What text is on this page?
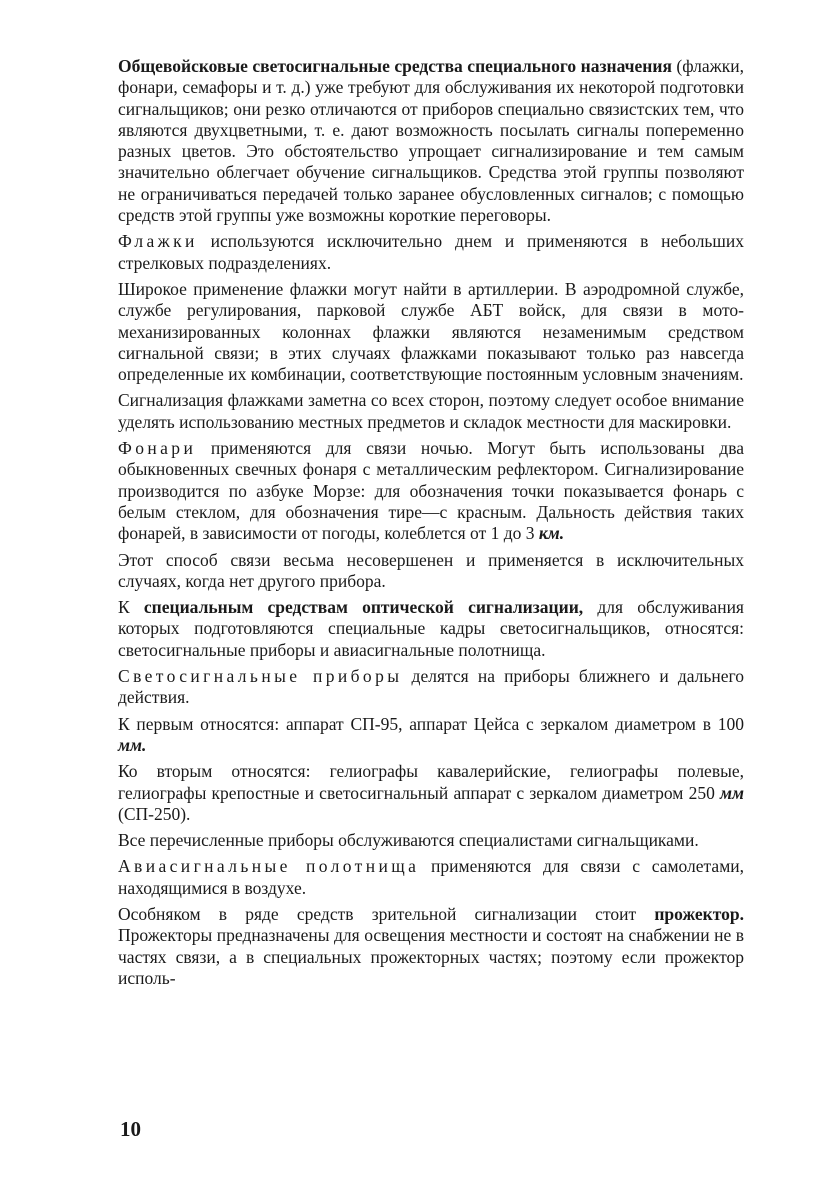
Общевойсковые светосигнальные средства специального назначения (флажки, фонари, семафоры и т. д.) уже требуют для обслуживания их некоторой подготовки сигнальщиков; они резко отличаются от приборов специально связистских тем, что являются двухцветными, т. е. дают возможность посылать сигналы попеременно разных цветов. Это обстоятельство упрощает сигнализирование и тем самым значительно облегчает обучение сигнальщиков. Средства этой группы позволяют не ограничиваться передачей только заранее обусловленных сигналов; с помощью средств этой группы уже возможны короткие переговоры.

Флажки используются исключительно днем и применяются в небольших стрелковых подразделениях.

Широкое применение флажки могут найти в артиллерии. В аэродромной службе, службе регулирования, парковой службе АБТ войск, для связи в мото-механизированных колоннах флажки являются незаменимым средством сигнальной связи; в этих случаях флажками показывают только раз навсегда определенные их комбинации, соответствующие постоянным условным значениям.

Сигнализация флажками заметна со всех сторон, поэтому следует особое внимание уделять использованию местных предметов и складок местности для маскировки.

Фонари применяются для связи ночью. Могут быть использованы два обыкновенных свечных фонаря с металлическим рефлектором. Сигнализирование производится по азбуке Морзе: для обозначения точки показывается фонарь с белым стеклом, для обозначения тире—с красным. Дальность действия таких фонарей, в зависимости от погоды, колеблется от 1 до 3 км.

Этот способ связи весьма несовершенен и применяется в исключительных случаях, когда нет другого прибора.

К специальным средствам оптической сигнализации, для обслуживания которых подготовляются специальные кадры светосигнальщиков, относятся: светосигнальные приборы и авиасигнальные полотнища.

Светосигнальные приборы делятся на приборы ближнего и дальнего действия.

К первым относятся: аппарат СП-95, аппарат Цейса с зеркалом диаметром в 100 мм.

Ко вторым относятся: гелиографы кавалерийские, гелиографы полевые, гелиографы крепостные и светосигнальный аппарат с зеркалом диаметром 250 мм (СП-250).

Все перечисленные приборы обслуживаются специалистами сигнальщиками.

Авиасигнальные полотнища применяются для связи с самолетами, находящимися в воздухе.

Особняком в ряде средств зрительной сигнализации стоит прожектор. Прожекторы предназначены для освещения местности и состоят на снабжении не в частях связи, а в специальных прожекторных частях; поэтому если прожектор исполь-

10
